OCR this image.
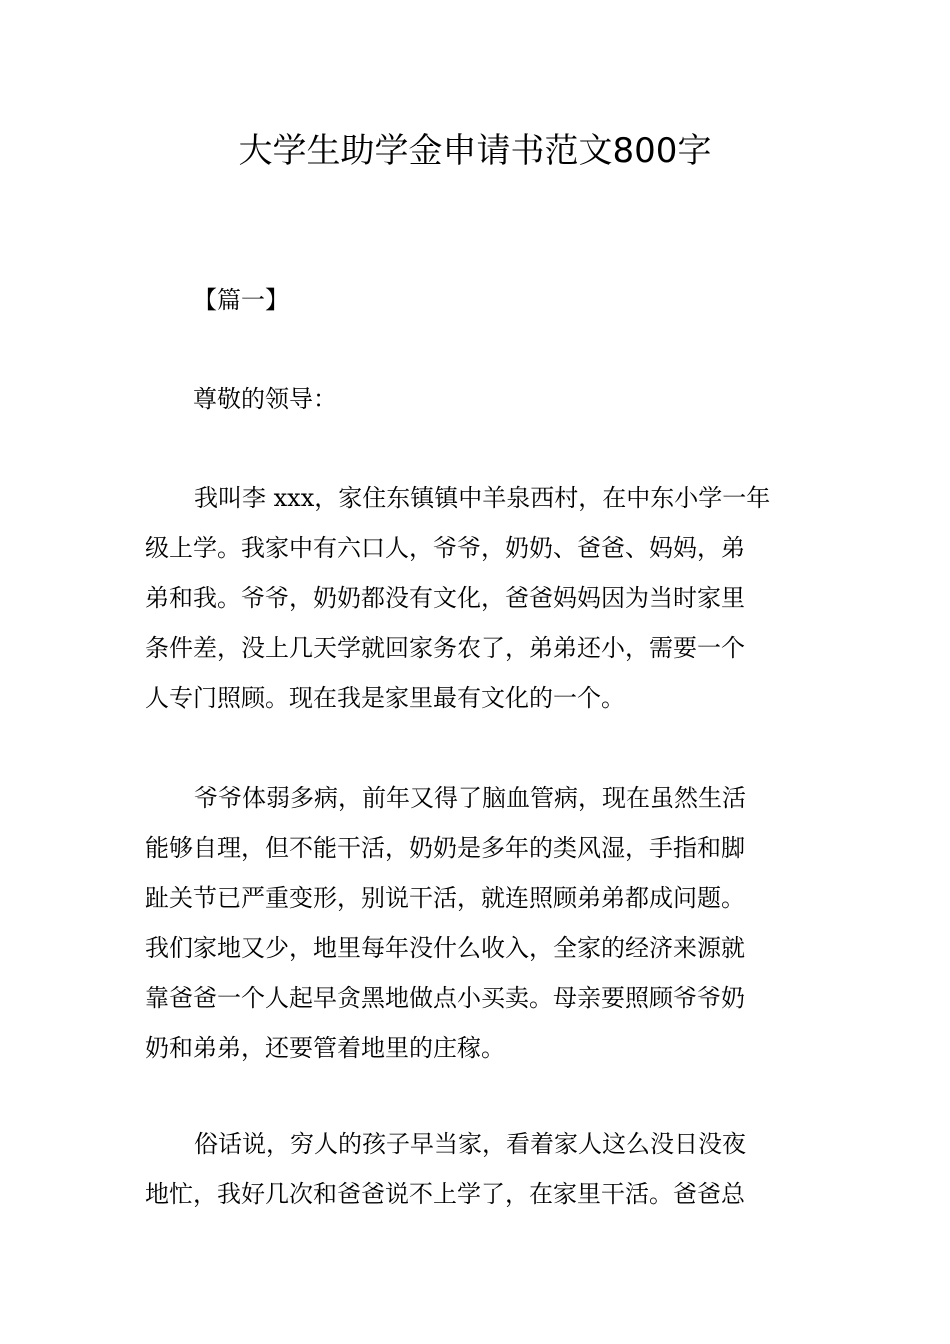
大学生助学金申请书范文800字
【篇一】
尊敬的领导：
我叫李 xxx，家住东镇镇中羊泉西村，在中东小学一年
级上学。我家中有六口人，爷爷，奶奶、爸爸、妈妈，弟
弟和我。爷爷，奶奶都没有文化，爸爸妈妈因为当时家里
条件差，没上几天学就回家务农了，弟弟还小，需要一个
人专门照顾。现在我是家里最有文化的一个。
爷爷体弱多病，前年又得了脑血管病，现在虽然生活
能够自理，但不能干活，奶奶是多年的类风湿，手指和脚
趾关节已严重变形，别说干活，就连照顾弟弟都成问题。
我们家地又少，地里每年没什么收入，全家的经济来源就
靠爸爸一个人起早贪黑地做点小买卖。母亲要照顾爷爷奶
奶和弟弟，还要管着地里的庄稼。
俗话说，穷人的孩子早当家，看着家人这么没日没夜
地忙，我好几次和爸爸说不上学了，在家里干活。爸爸总
